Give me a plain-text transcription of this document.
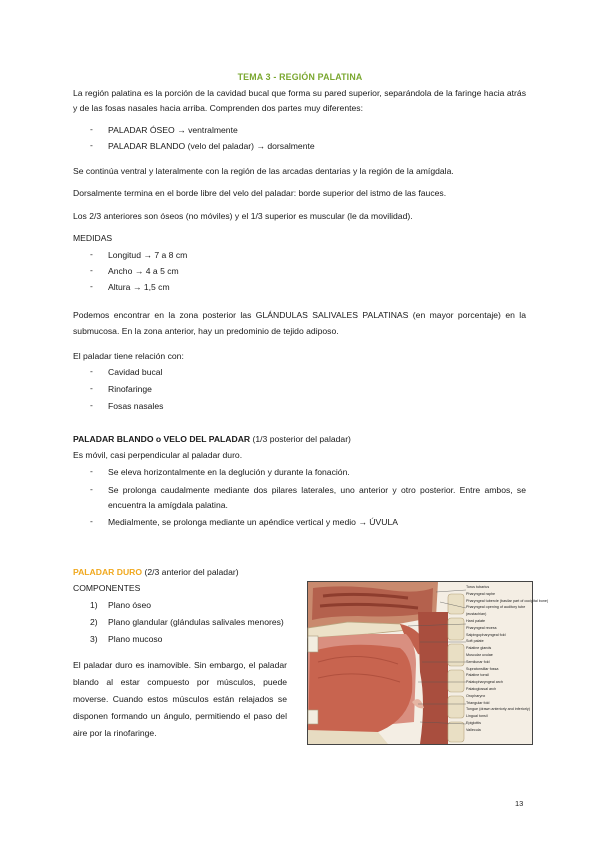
TEMA 3 - REGIÓN PALATINA
La región palatina es la porción de la cavidad bucal que forma su pared superior, separándola de la faringe hacia atrás y de las fosas nasales hacia arriba. Comprenden dos partes muy diferentes:
- PALADAR ÓSEO → ventralmente
- PALADAR BLANDO (velo del paladar) → dorsalmente
Se continúa ventral y lateralmente con la región de las arcadas dentarias y la región de la amígdala.
Dorsalmente termina en el borde libre del velo del paladar: borde superior del istmo de las fauces.
Los 2/3 anteriores son óseos (no móviles) y el 1/3 superior es muscular (le da movilidad).
MEDIDAS
- Longitud → 7 a 8 cm
- Ancho → 4 a 5 cm
- Altura → 1,5 cm
Podemos encontrar en la zona posterior las GLÁNDULAS SALIVALES PALATINAS (en mayor porcentaje) en la submucosa. En la zona anterior, hay un predominio de tejido adiposo.
El paladar tiene relación con:
- Cavidad bucal
- Rinofaringe
- Fosas nasales
PALADAR BLANDO o VELO DEL PALADAR (1/3 posterior del paladar)
Es móvil, casi perpendicular al paladar duro.
- Se eleva horizontalmente en la deglución y durante la fonación.
- Se prolonga caudalmente mediante dos pilares laterales, uno anterior y otro posterior. Entre ambos, se
encuentra la amígdala palatina.
- Medialmente, se prolonga mediante un apéndice vertical y medio → ÚVULA
PALADAR DURO (2/3 anterior del paladar)
COMPONENTES
1) Plano óseo
2) Plano glandular (glándulas salivales menores)
3) Plano mucoso
El paladar duro es inamovible. Sin embargo, el paladar
blando al estar compuesto por músculos, puede
moverse. Cuando estos músculos están relajados se
disponen formando un ángulo, permitiendo el paso del
aire por la rinofaringe.
Torus tubarius
Pharyngeal raphe
Pharyngeal tubercle (basilar part of occipital bone)
Pharyngeal opening of auditory tube
(eustachian)
Hard palate
Pharyngeal recess
Salpingopharyngeal fold
Soft palate
Palatine glands
Muscular uvulae
Semilunar fold
Supratonsillar fossa
Palatine tonsil
Palatopharyngeal arch
Palatoglossal arch
Oropharynx
Triangular fold
Tongue (drawn anteriorly and inferiorly)
Lingual tonsil
Epiglottis
Vallecula
13
